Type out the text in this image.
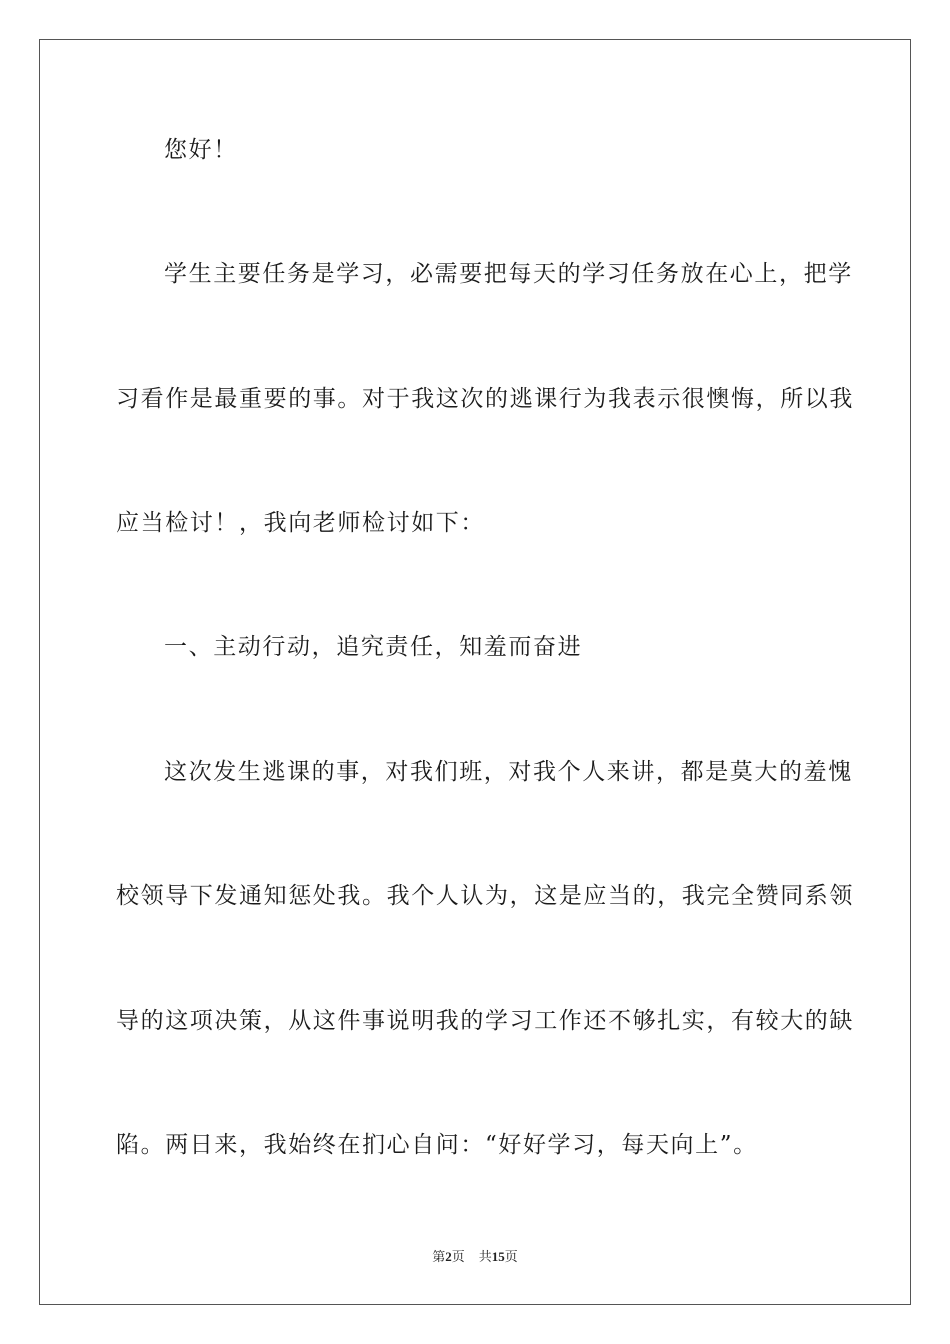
您好！
学生主要任务是学习，必需要把每天的学习任务放在心上，把学
习看作是最重要的事。对于我这次的逃课行为我表示很懊悔，所以我
应当检讨！，我向老师检讨如下：
一、主动行动，追究责任，知羞而奋进
这次发生逃课的事，对我们班，对我个人来讲，都是莫大的羞愧
校领导下发通知惩处我。我个人认为，这是应当的，我完全赞同系领
导的这项决策，从这件事说明我的学习工作还不够扎实，有较大的缺
陷。两日来，我始终在扪心自问：“好好学习，每天向上”。
第2页 共15页
